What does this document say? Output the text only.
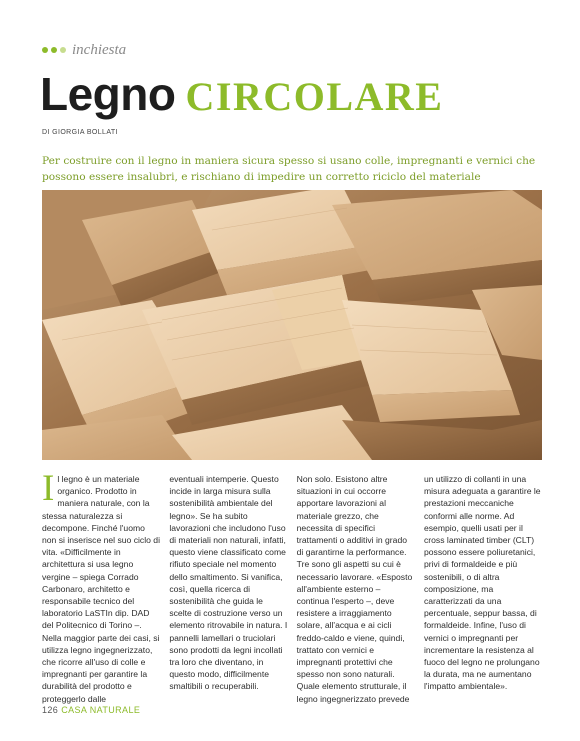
inchiesta
Legno CIRCOLARE
DI GIORGIA BOLLATI

Per costruire con il legno in maniera sicura spesso si usano colle, impregnanti e vernici che possono essere insalubri, e rischiano di impedire un corretto riciclo del materiale

I l legno è un materiale organico. Prodotto in maniera naturale, con la stessa naturalezza si decompone. Finché l'uomo non si inserisce nel suo ciclo di vita. «Difficilmente in architettura si usa legno vergine – spiega Corrado Carbonaro, architetto e responsabile tecnico del laboratorio LaSTIn dip. DAD del Politecnico di Torino –. Nella maggior parte dei casi, si utilizza legno ingegnerizzato, che ricorre all'uso di colle e impregnanti per garantire la durabilità del prodotto e proteggerlo dalle

eventuali intemperie. Questo incide in larga misura sulla sostenibilità ambientale del legno». Se ha subito lavorazioni che includono l'uso di materiali non naturali, infatti, questo viene classificato come rifiuto speciale nel momento dello smaltimento. Si vanifica, così, quella ricerca di sostenibilità che guida le scelte di costruzione verso un elemento ritrovabile in natura. I pannelli lamellari o truciolari sono prodotti da legni incollati tra loro che diventano, in questo modo, difficilmente smaltibili o recuperabili.

Non solo. Esistono altre situazioni in cui occorre apportare lavorazioni al materiale grezzo, che necessita di specifici trattamenti o additivi in grado di garantirne la performance. Tre sono gli aspetti su cui è necessario lavorare. «Esposto all'ambiente esterno – continua l'esperto –, deve resistere a irraggiamento solare, all'acqua e ai cicli freddo-caldo e viene, quindi, trattato con vernici e impregnanti protettivi che spesso non sono naturali. Quale elemento strutturale, il legno ingegnerizzato prevede

un utilizzo di collanti in una misura adeguata a garantire le prestazioni meccaniche conformi alle norme. Ad esempio, quelli usati per il cross laminated timber (CLT) possono essere poliuretanici, privi di formaldeide e più sostenibili, o di altra composizione, ma caratterizzati da una percentuale, seppur bassa, di formaldeide. Infine, l'uso di vernici o impregnanti per incrementare la resistenza al fuoco del legno ne prolungano la durata, ma ne aumentano l'impatto ambientale».

126 CASA NATURALE
